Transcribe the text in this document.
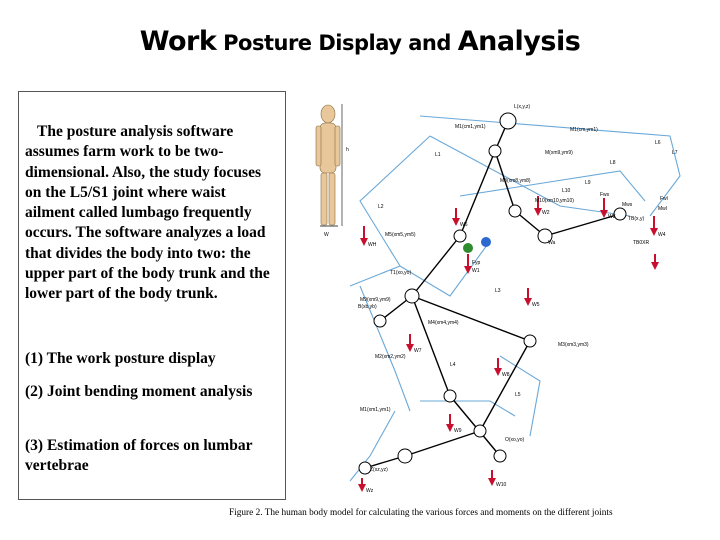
Work Posture Display and Analysis

The posture analysis software assumes farm work to be two-dimensional. Also, the study focuses on the L5/S1 joint where waist ailment called lumbago frequently occurs. The software analyzes a load that divides the body into two: the upper part of the body trunk and the lower part of the body trunk.

(1) The work posture display

(2) Joint bending moment analysis

(3) Estimation of forces on lumbar vertebrae

L(x,y,z)
M1(cm1,ym1)	M1(cm,ym1)
M(xm9,ym9)
M8(xm8,ym8)
M10(xm10,ym10)
M5(xm5,ym5)
T1(xo,yo)
M9(xm9,ym9)
M4(xm4,ym4)
M3(xm3,ym3)
M2(xm2,ym2)
M1(xm1,ym1)
O(xo,yo)
Z(xz,yz)
B(xb,yb)
TB(x,y)
L1
L2
L3
L4
L5
L6
L7
L8
L9
L10
h
W
W1
W2
W3
W4
W5
W6
W7
W8
W9
W10
Wa
Wz
WH
Fwl
Fws
Fyp
Mwl
Mws
TB0XR
Figure 2. The human body model for calculating the various forces and moments on the different joints
